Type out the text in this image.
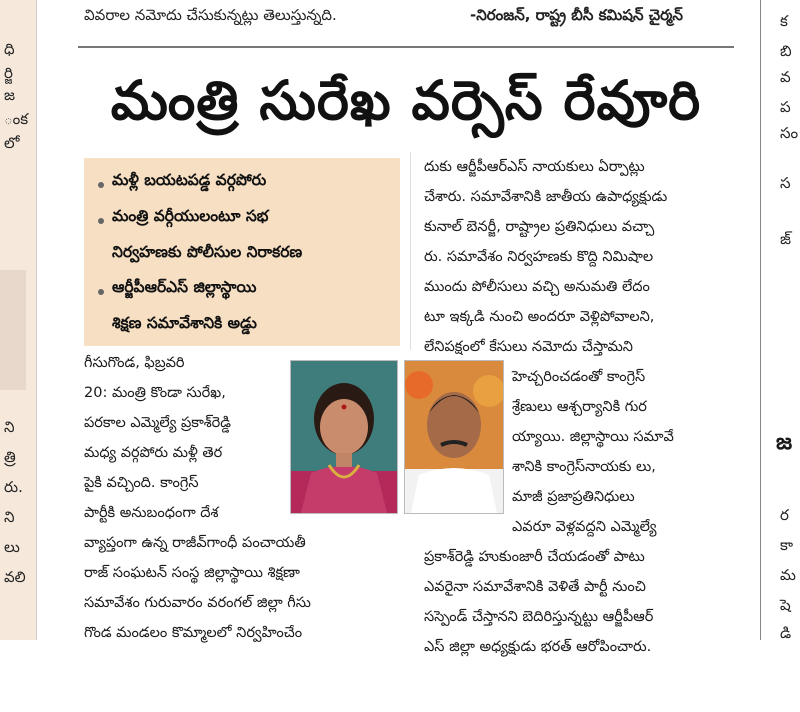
ధి
ర్జి
జ
ంక
లో
ని
త్రి
రు.
ని
లు
వలి
జ
క
బి
వ
ప
సం
స
జ్
ర
కా
మ
షె
డి
వివరాల నమోదు చేసుకున్నట్లు తెలుస్తున్నది.	-నిరంజన్, రాష్ట్ర బీసీ కమిషన్ చైర్మన్
మంత్రి సురేఖ వర్సెస్ రేవూరి
మళ్లీ బయటపడ్డ వర్గపోరు
మంత్రి వర్గీయులంటూ సభ
నిర్వహణకు పోలీసుల నిరాకరణ
ఆర్జీపీఆర్ఎస్ జిల్లాస్థాయి
శిక్షణ సమావేశానికి అడ్డు
గీసుగొండ, ఫిబ్రవరి
20: మంత్రి కొండా సురేఖ,
పరకాల ఎమ్మెల్యే ప్రకాశ్‌రెడ్డి
మధ్య వర్గపోరు మళ్లీ తెర
పైకి వచ్చింది. కాంగ్రెస్
పార్టీకి అనుబంధంగా దేశ
వ్యాప్తంగా ఉన్న రాజీవ్‌గాంధీ పంచాయతీ
రాజ్ సంఘటన్ సంస్థ జిల్లాస్థాయి శిక్షణా
సమావేశం గురువారం వరంగల్ జిల్లా గీసు
గొండ మండలం కొమ్మాలలో నిర్వహించేం
దుకు ఆర్జీపీఆర్ఎస్ నాయకులు ఏర్పాట్లు
చేశారు. సమావేశానికి జాతీయ ఉపాధ్యక్షుడు
కునాల్ బెనర్జీ, రాష్ట్రాల ప్రతినిధులు వచ్చా
రు. సమావేశం నిర్వహణకు కొద్ది నిమిషాల
ముందు పోలీసులు వచ్చి అనుమతి లేదం
టూ ఇక్కడి నుంచి అందరూ వెళ్లిపోవాలని,
లేనిపక్షంలో కేసులు నమోదు చేస్తామని
హెచ్చరించడంతో కాంగ్రెస్
శ్రేణులు ఆశ్చర్యానికి గుర
య్యాయి. జిల్లాస్థాయి సమావే
శానికి కాంగ్రెస్‌నాయకు లు,
మాజీ ప్రజాప్రతినిధులు
ఎవరూ వెళ్లవద్దని ఎమ్మెల్యే
ప్రకాశ్‌రెడ్డి హుకుంజారీ చేయడంతో పాటు
ఎవరైనా సమావేశానికి వెళితే పార్టీ నుంచి
సస్పెండ్ చేస్తానని బెదిరిస్తున్నట్టు ఆర్జీపీఆర్
ఎస్ జిల్లా అధ్యక్షుడు భరత్ ఆరోపించారు.
